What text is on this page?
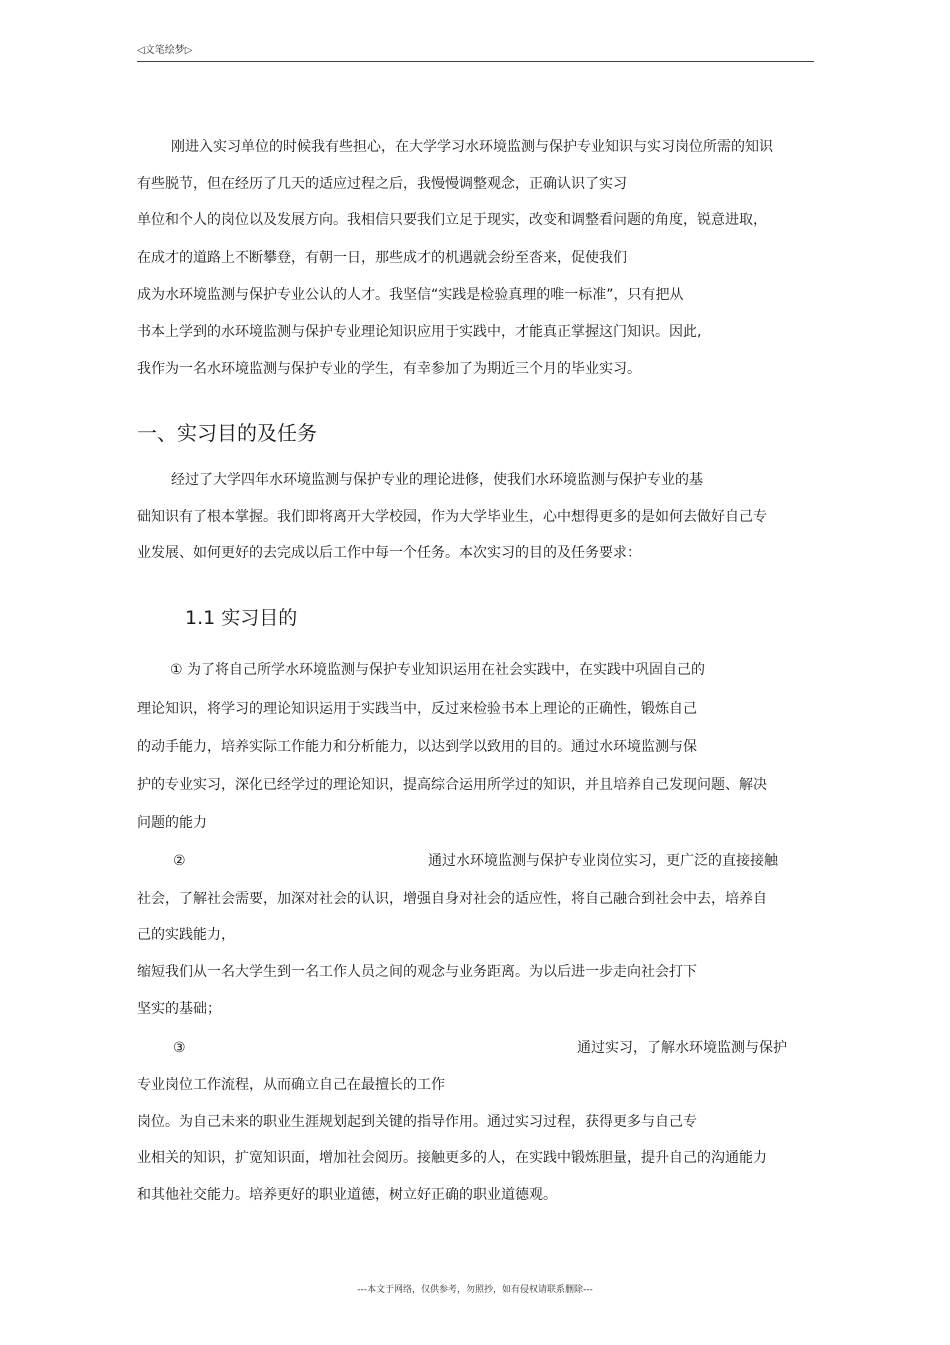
◁文笔绘梦▷
刚进入实习单位的时候我有些担心，在大学学习水环境监测与保护专业知识与实习岗位所需的知识
有些脱节，但在经历了几天的适应过程之后，我慢慢调整观念，正确认识了实习
单位和个人的岗位以及发展方向。我相信只要我们立足于现实，改变和调整看问题的角度，锐意进取，
在成才的道路上不断攀登，有朝一日，那些成才的机遇就会纷至沓来，促使我们
成为水环境监测与保护专业公认的人才。我坚信“实践是检验真理的唯一标准”，只有把从
书本上学到的水环境监测与保护专业理论知识应用于实践中，才能真正掌握这门知识。因此,
我作为一名水环境监测与保护专业的学生，有幸参加了为期近三个月的毕业实习。
一、实习目的及任务
经过了大学四年水环境监测与保护专业的理论进修，使我们水环境监测与保护专业的基
础知识有了根本掌握。我们即将离开大学校园，作为大学毕业生，心中想得更多的是如何去做好自己专
业发展、如何更好的去完成以后工作中每一个任务。本次实习的目的及任务要求：
1.1 实习目的
① 为了将自己所学水环境监测与保护专业知识运用在社会实践中，在实践中巩固自己的
理论知识，将学习的理论知识运用于实践当中，反过来检验书本上理论的正确性，锻炼自己
的动手能力，培养实际工作能力和分析能力，以达到学以致用的目的。通过水环境监测与保
护的专业实习，深化已经学过的理论知识，提高综合运用所学过的知识，并且培养自己发现问题、解决
问题的能力
②	通过水环境监测与保护专业岗位实习，更广泛的直接接触
社会，了解社会需要，加深对社会的认识，增强自身对社会的适应性，将自己融合到社会中去，培养自
己的实践能力，
缩短我们从一名大学生到一名工作人员之间的观念与业务距离。为以后进一步走向社会打下
坚实的基础；
③	通过实习，了解水环境监测与保护
专业岗位工作流程，从而确立自己在最擅长的工作
岗位。为自己未来的职业生涯规划起到关键的指导作用。通过实习过程，获得更多与自己专
业相关的知识，扩宽知识面，增加社会阅历。接触更多的人，在实践中锻炼胆量，提升自己的沟通能力
和其他社交能力。培养更好的职业道德，树立好正确的职业道德观。
---本文于网络，仅供参考，勿照抄，如有侵权请联系删除---
